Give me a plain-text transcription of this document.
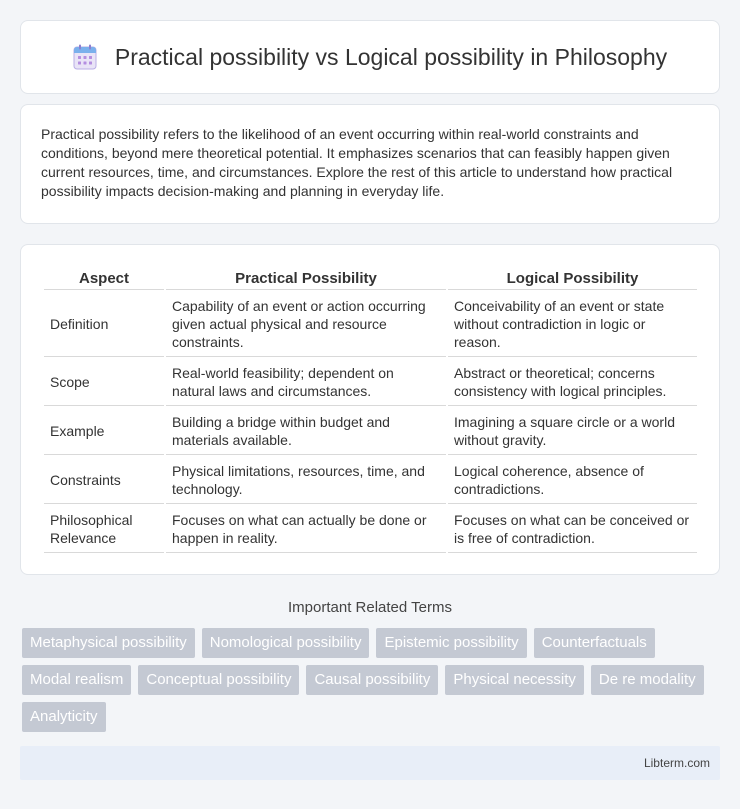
Practical possibility vs Logical possibility in Philosophy

Practical possibility refers to the likelihood of an event occurring within real-world constraints and conditions, beyond mere theoretical potential. It emphasizes scenarios that can feasibly happen given current resources, time, and circumstances. Explore the rest of this article to understand how practical possibility impacts decision-making and planning in everyday life.

Aspect	Practical Possibility	Logical Possibility
Definition	Capability of an event or action occurring given actual physical and resource constraints.	Conceivability of an event or state without contradiction in logic or reason.
Scope	Real-world feasibility; dependent on natural laws and circumstances.	Abstract or theoretical; concerns consistency with logical principles.
Example	Building a bridge within budget and materials available.	Imagining a square circle or a world without gravity.
Constraints	Physical limitations, resources, time, and technology.	Logical coherence, absence of contradictions.
Philosophical Relevance	Focuses on what can actually be done or happen in reality.	Focuses on what can be conceived or is free of contradiction.
Important Related Terms
Metaphysical possibility	Nomological possibility	Epistemic possibility	Counterfactuals
Modal realism	Conceptual possibility	Causal possibility	Physical necessity	De re modality
Analyticity
Libterm.com
